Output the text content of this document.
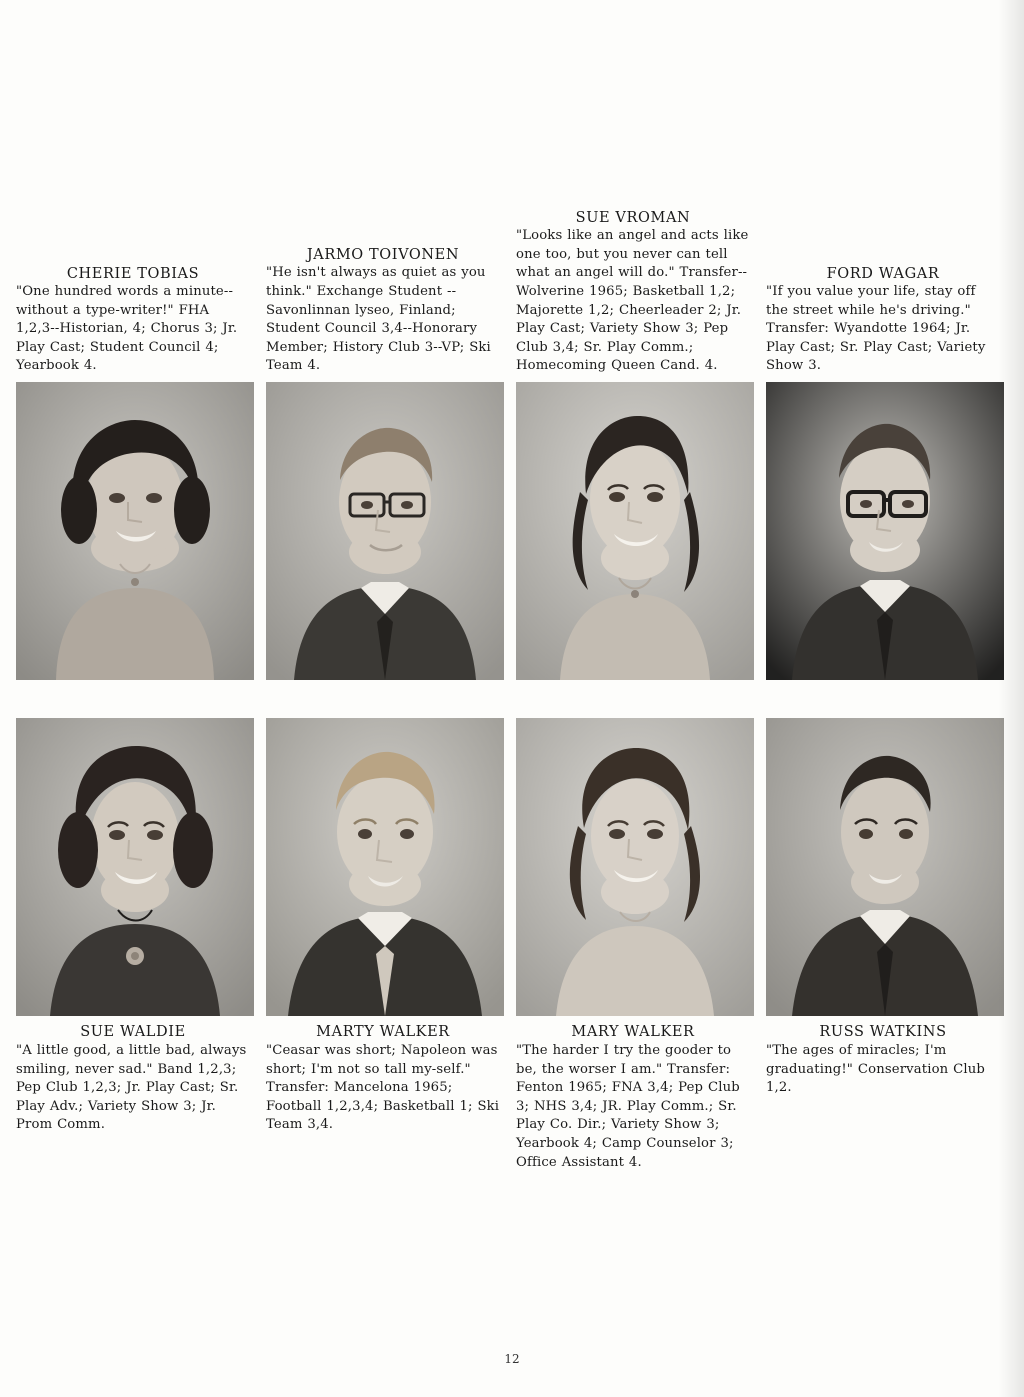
CHERIE TOBIAS
"One hundred words a minute--without a type-writer!" FHA 1,2,3--Historian, 4; Chorus 3; Jr. Play Cast; Student Council 4; Yearbook 4.
JARMO TOIVONEN
"He isn't always as quiet as you think." Exchange Student --Savonlinnan lyseo, Finland; Student Council 3,4--Honorary Member; History Club 3--VP; Ski Team 4.
SUE VROMAN
"Looks like an angel and acts like one too, but you never can tell what an angel will do." Transfer--Wolverine 1965; Basketball 1,2; Majorette 1,2; Cheerleader 2; Jr. Play Cast; Variety Show 3; Pep Club 3,4; Sr. Play Comm.; Homecoming Queen Cand. 4.
FORD WAGAR
"If you value your life, stay off the street while he's driving." Transfer: Wyandotte 1964; Jr. Play Cast; Sr. Play Cast; Variety Show 3.
SUE WALDIE
"A little good, a little bad, always smiling, never sad." Band 1,2,3; Pep Club 1,2,3; Jr. Play Cast; Sr. Play Adv.; Variety Show 3; Jr. Prom Comm.
MARTY WALKER
"Ceasar was short; Napoleon was short; I'm not so tall my-self." Transfer: Mancelona 1965; Football 1,2,3,4; Basketball 1; Ski Team 3,4.
MARY WALKER
"The harder I try the gooder to be, the worser I am." Transfer: Fenton 1965; FNA 3,4; Pep Club 3; NHS 3,4; JR. Play Comm.; Sr. Play Co. Dir.; Variety Show 3; Yearbook 4; Camp Counselor 3; Office Assistant 4.
RUSS WATKINS
"The ages of miracles; I'm graduating!" Conservation Club 1,2.
12
